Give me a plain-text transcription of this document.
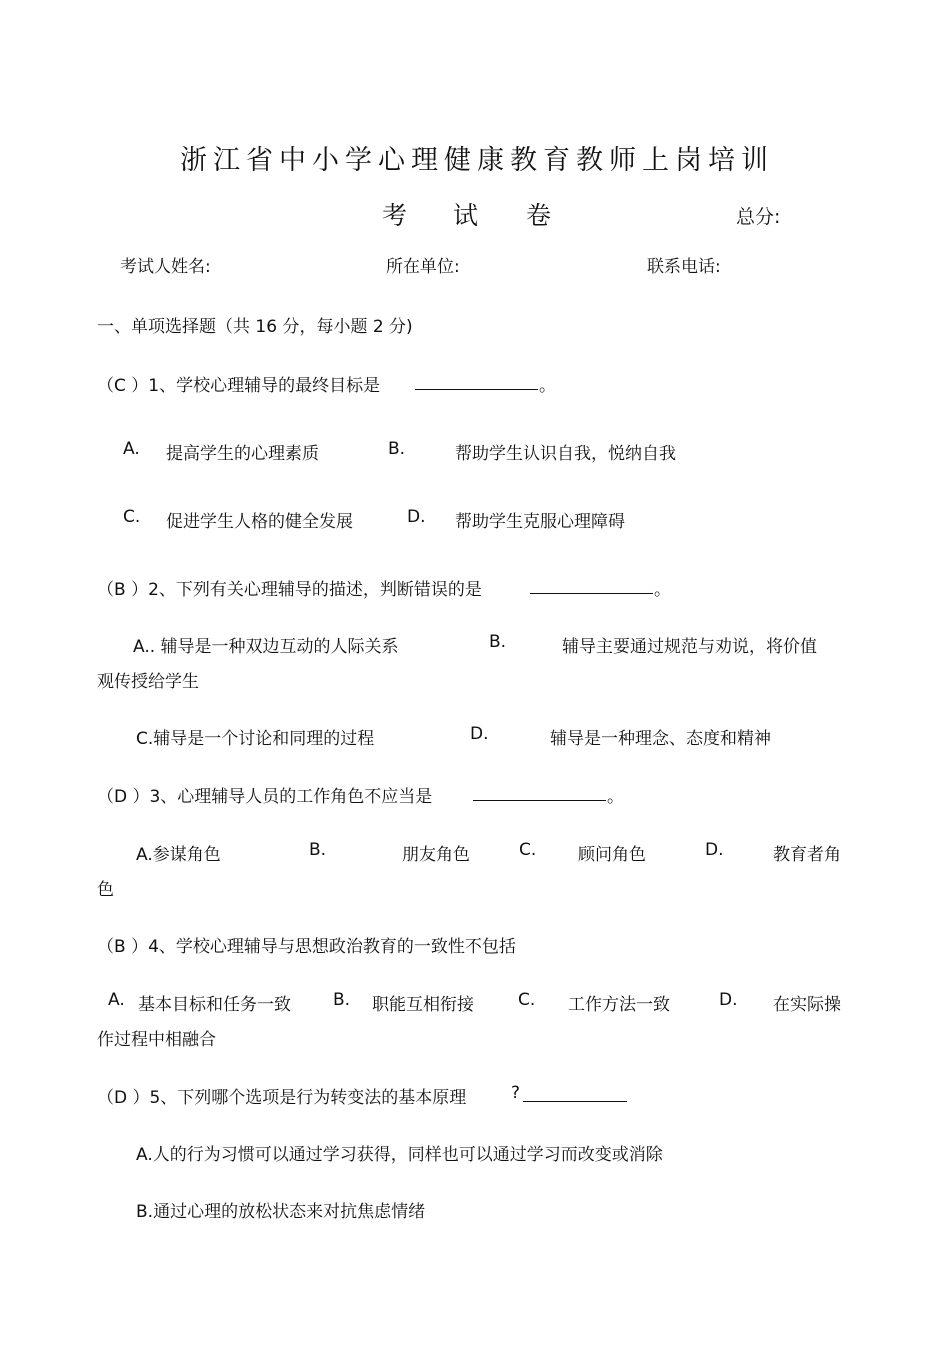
浙江省中小学心理健康教育教师上岗培训
考 试 卷	总分:
考试人姓名:	所在单位:	联系电话:
一、单项选择题（共 16 分，每小题 2 分)
（C ）1、学校心理辅导的最终目标是	。
A. 提高学生的心理素质	B.	帮助学生认识自我，悦纳自我
C. 促进学生人格的健全发展	D. 帮助学生克服心理障碍
（B ）2、下列有关心理辅导的描述，判断错误的是	。
A.. 辅导是一种双边互动的人际关系	B.	辅导主要通过规范与劝说，将价值
观传授给学生
C.辅导是一个讨论和同理的过程	D.	辅导是一种理念、态度和精神
（D ）3、心理辅导人员的工作角色不应当是	。
A.参谋角色	B.	朋友角色	C. 顾问角色	D.	教育者角
色
（B ）4、学校心理辅导与思想政治教育的一致性不包括
A. 基本目标和任务一致 B. 职能互相衔接	C. 工作方法一致	D. 在实际操
作过程中相融合
（D ）5、下列哪个选项是行为转变法的基本原理	?
A.人的行为习惯可以通过学习获得，同样也可以通过学习而改变或消除
B.通过心理的放松状态来对抗焦虑情绪
